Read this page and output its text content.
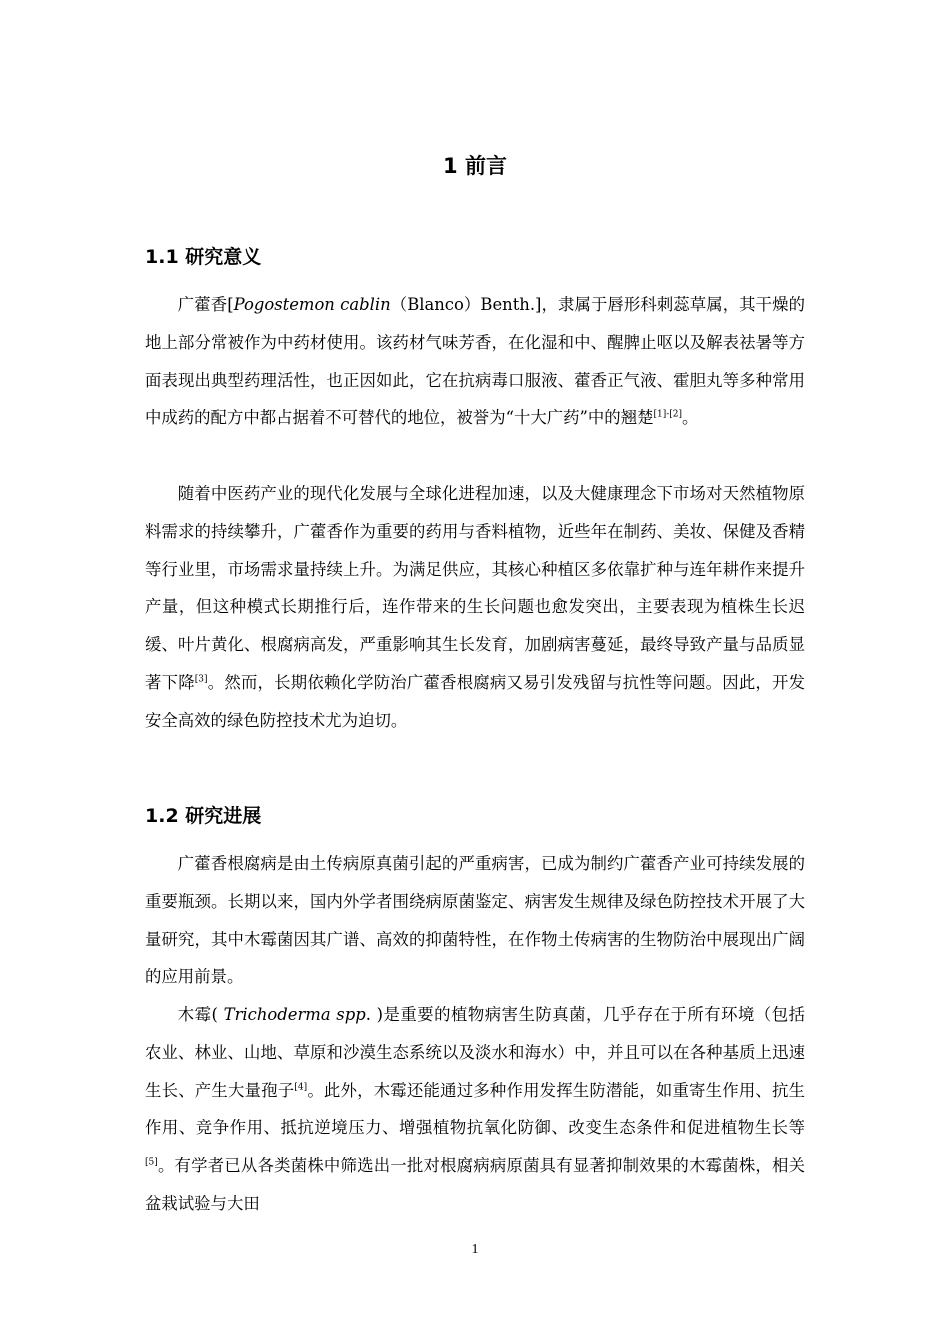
1 前言
1.1 研究意义

广藿香[Pogostemon cablin（Blanco）Benth.]，隶属于唇形科刺蕊草属，其干燥的地上部分常被作为中药材使用。该药材气味芳香，在化湿和中、醒脾止呕以及解表祛暑等方面表现出典型药理活性，也正因如此，它在抗病毒口服液、藿香正气液、霍胆丸等多种常用中成药的配方中都占据着不可替代的地位，被誉为“十大广药”中的翘楚[1]-[2]。

随着中医药产业的现代化发展与全球化进程加速，以及大健康理念下市场对天然植物原料需求的持续攀升，广藿香作为重要的药用与香料植物，近些年在制药、美妆、保健及香精等行业里，市场需求量持续上升。为满足供应，其核心种植区多依靠扩种与连年耕作来提升产量，但这种模式长期推行后，连作带来的生长问题也愈发突出，主要表现为植株生长迟缓、叶片黄化、根腐病高发，严重影响其生长发育，加剧病害蔓延，最终导致产量与品质显著下降[3]。然而，长期依赖化学防治广藿香根腐病又易引发残留与抗性等问题。因此，开发安全高效的绿色防控技术尤为迫切。

1.2 研究进展

广藿香根腐病是由土传病原真菌引起的严重病害，已成为制约广藿香产业可持续发展的重要瓶颈。长期以来，国内外学者围绕病原菌鉴定、病害发生规律及绿色防控技术开展了大量研究，其中木霉菌因其广谱、高效的抑菌特性，在作物土传病害的生物防治中展现出广阔的应用前景。

木霉( Trichoderma spp. )是重要的植物病害生防真菌，几乎存在于所有环境（包括农业、林业、山地、草原和沙漠生态系统以及淡水和海水）中，并且可以在各种基质上迅速生长、产生大量孢子[4]。此外，木霉还能通过多种作用发挥生防潜能，如重寄生作用、抗生作用、竞争作用、抵抗逆境压力、增强植物抗氧化防御、改变生态条件和促进植物生长等[5]。有学者已从各类菌株中筛选出一批对根腐病病原菌具有显著抑制效果的木霉菌株，相关盆栽试验与大田

1
